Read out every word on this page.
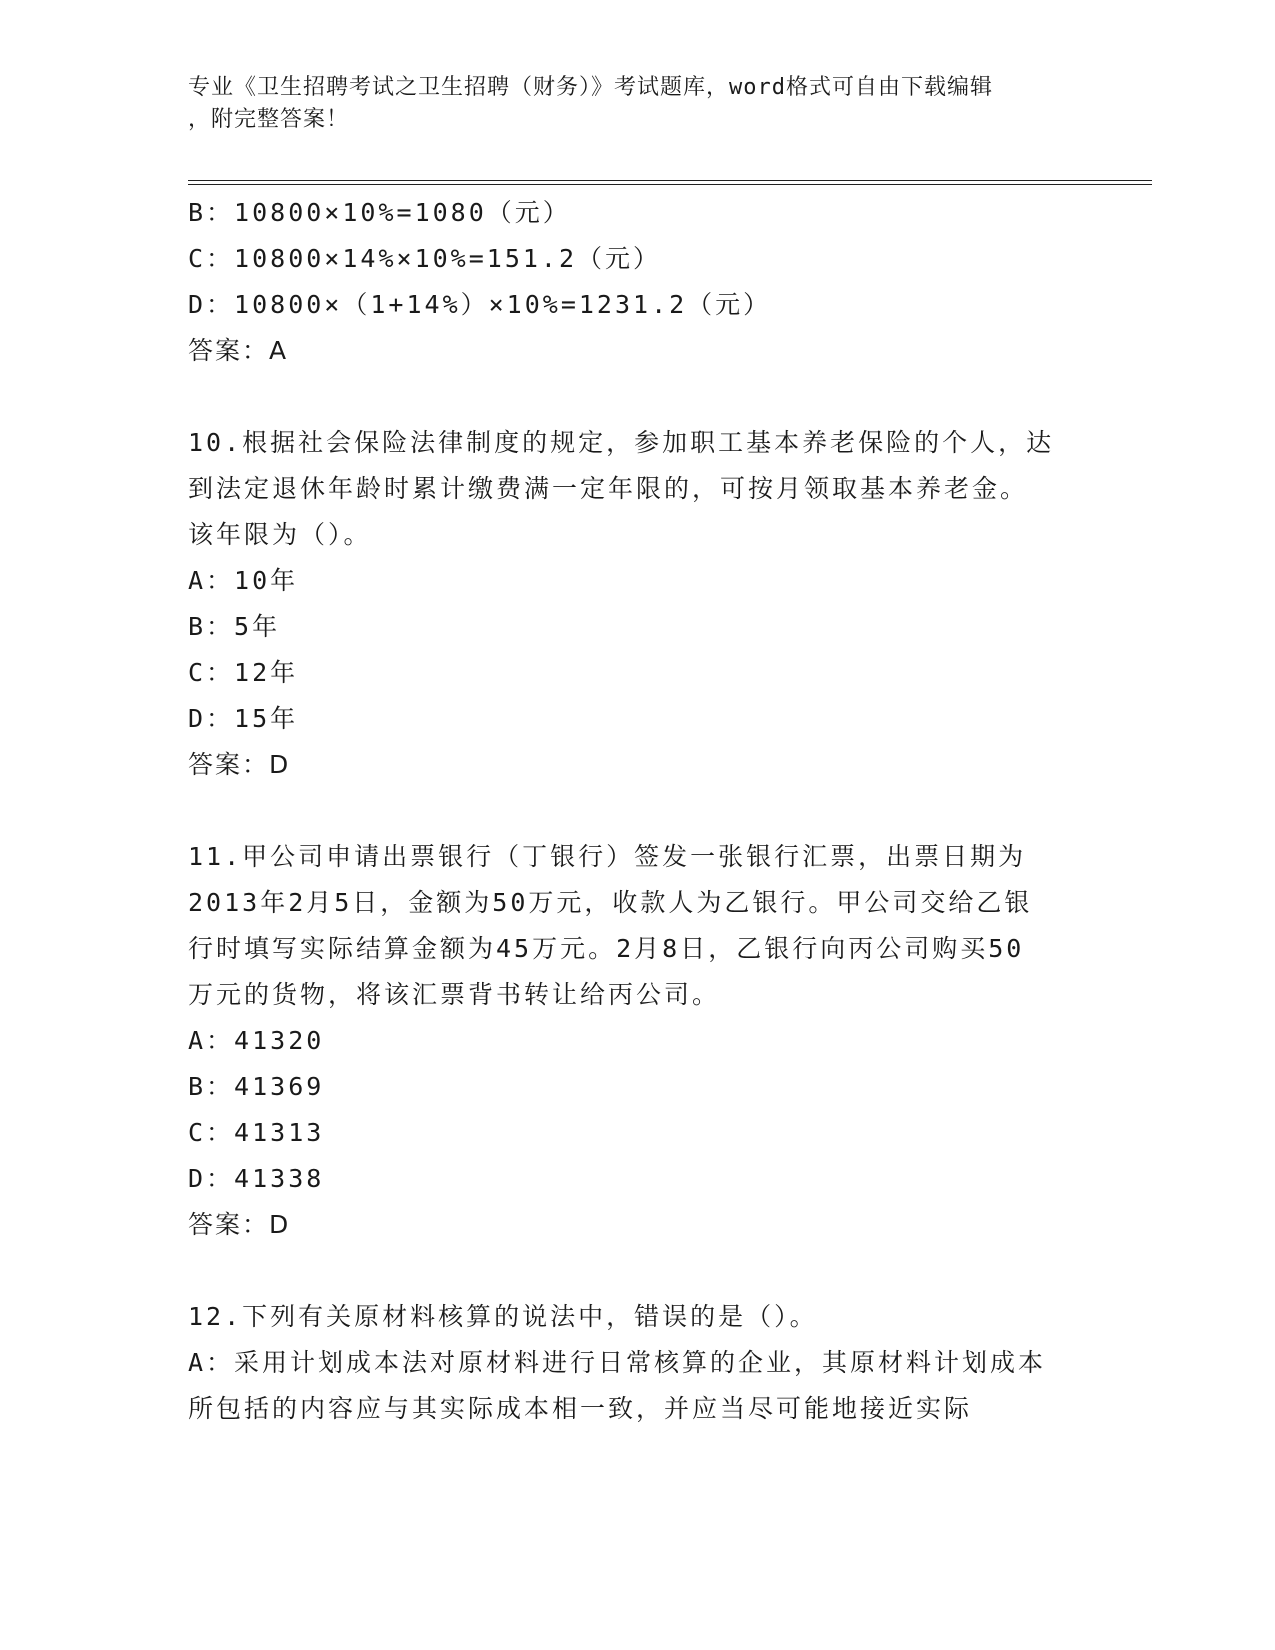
专业《卫生招聘考试之卫生招聘（财务）》考试题库，word格式可自由下载编辑
，附完整答案！
B：10800×10%=1080（元）
C：10800×14%×10%=151.2（元）
D：10800×（1+14%）×10%=1231.2（元）
答案：A
10.根据社会保险法律制度的规定，参加职工基本养老保险的个人，达
到法定退休年龄时累计缴费满一定年限的，可按月领取基本养老金。
该年限为（）。
A：10年
B：5年
C：12年
D：15年
答案：D
11.甲公司申请出票银行（丁银行）签发一张银行汇票，出票日期为
2013年2月5日，金额为50万元，收款人为乙银行。甲公司交给乙银
行时填写实际结算金额为45万元。2月8日，乙银行向丙公司购买50
万元的货物，将该汇票背书转让给丙公司。
A：41320
B：41369
C：41313
D：41338
答案：D
12.下列有关原材料核算的说法中，错误的是（）。
A：采用计划成本法对原材料进行日常核算的企业，其原材料计划成本
所包括的内容应与其实际成本相一致，并应当尽可能地接近实际
